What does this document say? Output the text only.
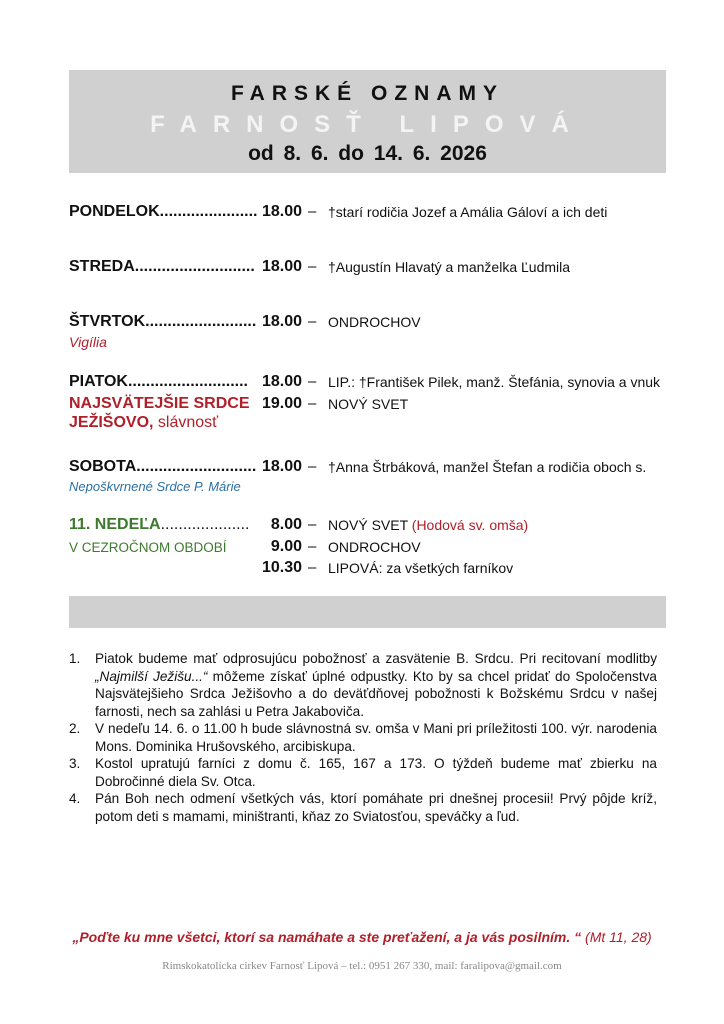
FARSKÉ OZNAMY
FARNOSŤ LIPOVÁ
od 8. 6. do 14. 6. 2026
PONDELOK...................... 18.00 – †starí rodičia Jozef a Amália Gáloví a ich deti
STREDA........................... 18.00 – †Augustín Hlavatý a manželka Ľudmila
ŠTVRTOK......................... 18.00 – ONDROCHOV
Vigília
PIATOK........................... 18.00 – LIP.: †František Pilek, manž. Štefánia, synovia a vnuk
NAJSVÄTEJŠIE SRDCE 19.00 – NOVÝ SVET
JEŽIŠOVO, slávnosť
SOBOTA........................... 18.00 – †Anna Štrbáková, manžel Štefan a rodičia oboch s.
Nepoškvrnené Srdce P. Márie
11. NEDEĽA....................	8.00 – NOVÝ SVET (Hodová sv. omša)
V CEZROČNOM OBDOBÍ	9.00 – ONDROCHOV
10.30 – LIPOVÁ: za všetkých farníkov
1. Piatok budeme mať odprosujúcu pobožnosť a zasvätenie B. Srdcu. Pri recitovaní modlitby „Najmilší Ježišu...“ môžeme získať úplné odpustky. Kto by sa chcel pridať do Spoločenstva Najsvätejšieho Srdca Ježišovho a do deväťdňovej pobožnosti k Božskému Srdcu v našej farnosti, nech sa zahlási u Petra Jakaboviča.
2. V nedeľu 14. 6. o 11.00 h bude slávnostná sv. omša v Mani pri príležitosti 100. výr. narodenia Mons. Dominika Hrušovského, arcibiskupa.
3. Kostol upratujú farníci z domu č. 165, 167 a 173. O týždeň budeme mať zbierku na Dobročinné diela Sv. Otca.
4. Pán Boh nech odmení všetkých vás, ktorí pomáhate pri dnešnej procesii! Prvý pôjde kríž, potom deti s mamami, miništranti, kňaz zo Sviatosťou, speváčky a ľud.
„Poďte ku mne všetci, ktorí sa namáhate a ste preťažení, a ja vás posilním. “ (Mt 11, 28)
Rímskokatolícka cirkev Farnosť Lipová – tel.: 0951 267 330, mail: faralipova@gmail.com
